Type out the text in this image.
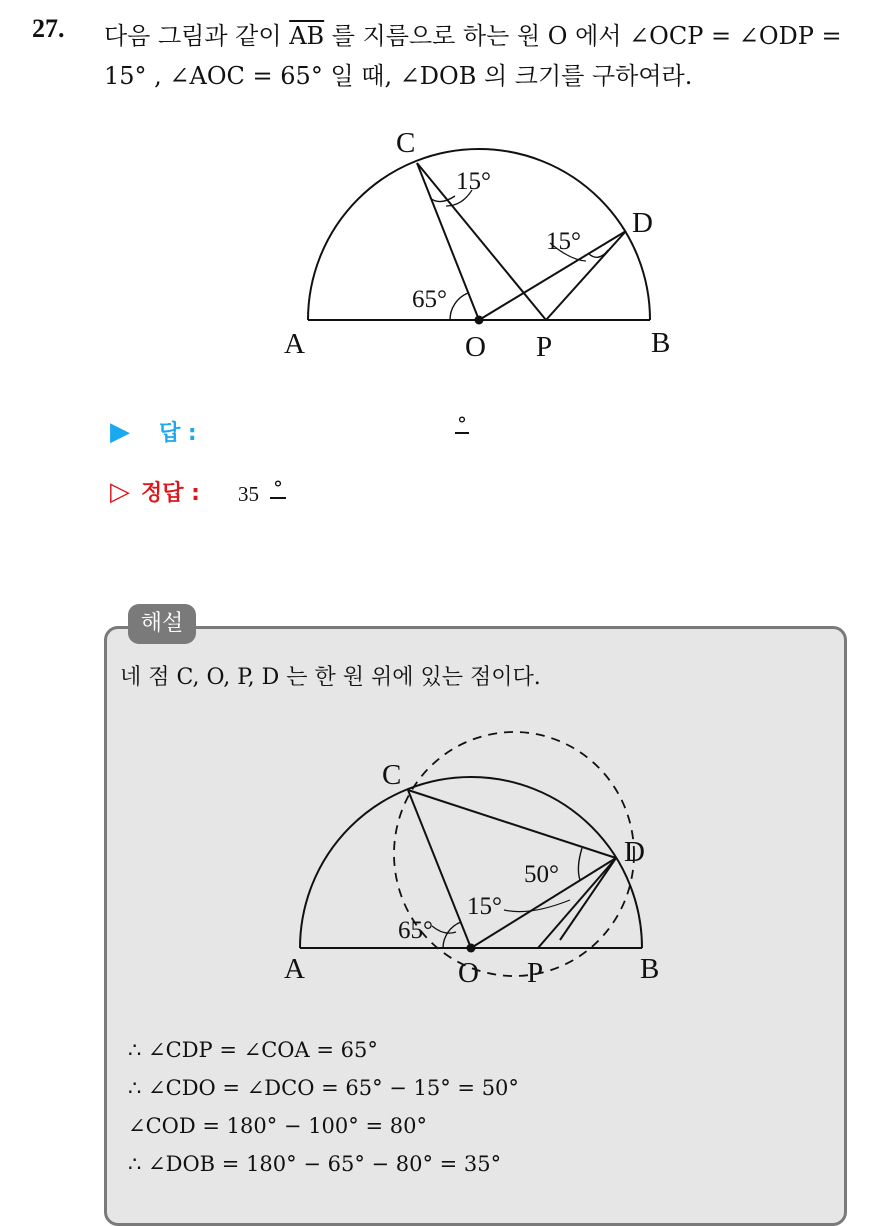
27. 다음 그림과 같이 $\overline{AB}$ 를 지름으로 하는 원 O 에서 ∠OCP = ∠ODP =
15° , ∠AOC = 65° 일 때, ∠DOB 의 크기를 구하여라.
C
D
A	O P	B
15°
15°
65°
▶ 답 :	°
▷ 정답 : 35 °
해설
네 점 C, O, P, D 는 한 원 위에 있는 점이다.
C
D
A	O P	B
50°
15°
65°
∴ ∠CDP = ∠COA = 65°
∴ ∠CDO = ∠DCO = 65° − 15° = 50°
∠COD = 180° − 100° = 80°
∴ ∠DOB = 180° − 65° − 80° = 35°
